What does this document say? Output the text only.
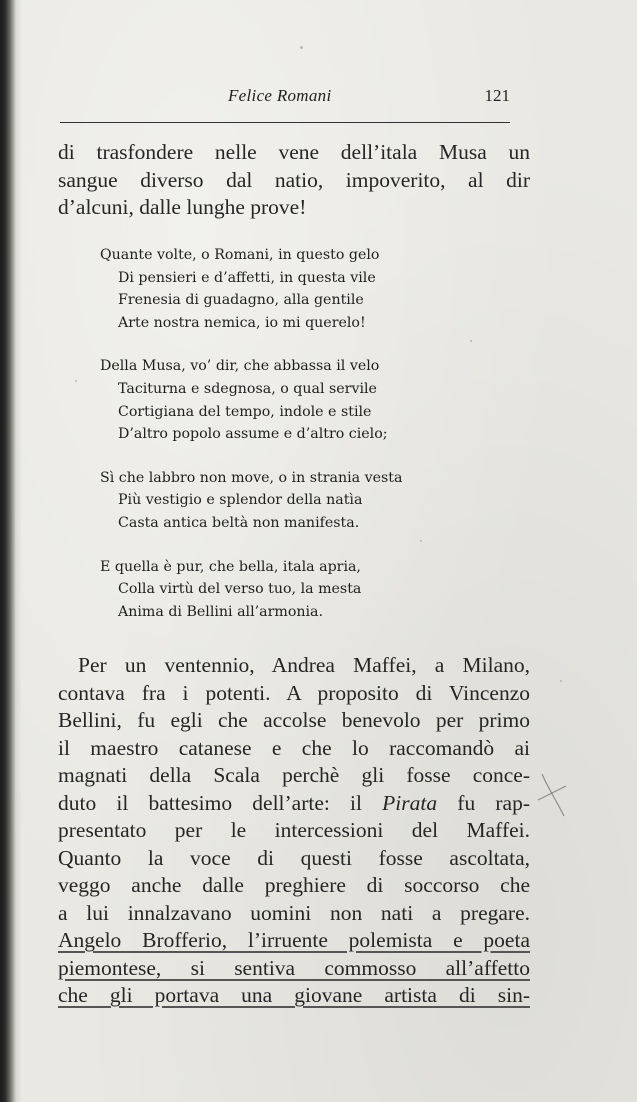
Felice Romani	121
di trasfondere nelle vene dell’itala Musa un
sangue diverso dal natio, impoverito, al dir
d’alcuni, dalle lunghe prove!
Quante volte, o Romani, in questo gelo
Di pensieri e d’affetti, in questa vile
Frenesia di guadagno, alla gentile
Arte nostra nemica, io mi querelo!
Della Musa, vo’ dir, che abbassa il velo
Taciturna e sdegnosa, o qual servile
Cortigiana del tempo, indole e stile
D’altro popolo assume e d’altro cielo;
Sì che labbro non move, o in strania vesta
Più vestigio e splendor della natìa
Casta antica beltà non manifesta.
E quella è pur, che bella, itala apria,
Colla virtù del verso tuo, la mesta
Anima di Bellini all’armonia.
Per un ventennio, Andrea Maffei, a Milano,
contava fra i potenti. A proposito di Vincenzo
Bellini, fu egli che accolse benevolo per primo
il maestro catanese e che lo raccomandò ai
magnati della Scala perchè gli fosse conce-
duto il battesimo dell’arte: il Pirata fu rap-
presentato per le intercessioni del Maffei.
Quanto la voce di questi fosse ascoltata,
veggo anche dalle preghiere di soccorso che
a lui innalzavano uomini non nati a pregare.
Angelo Brofferio, l’irruente polemista e poeta
piemontese, si sentiva commosso all’affetto
che gli portava una giovane artista di sin-
